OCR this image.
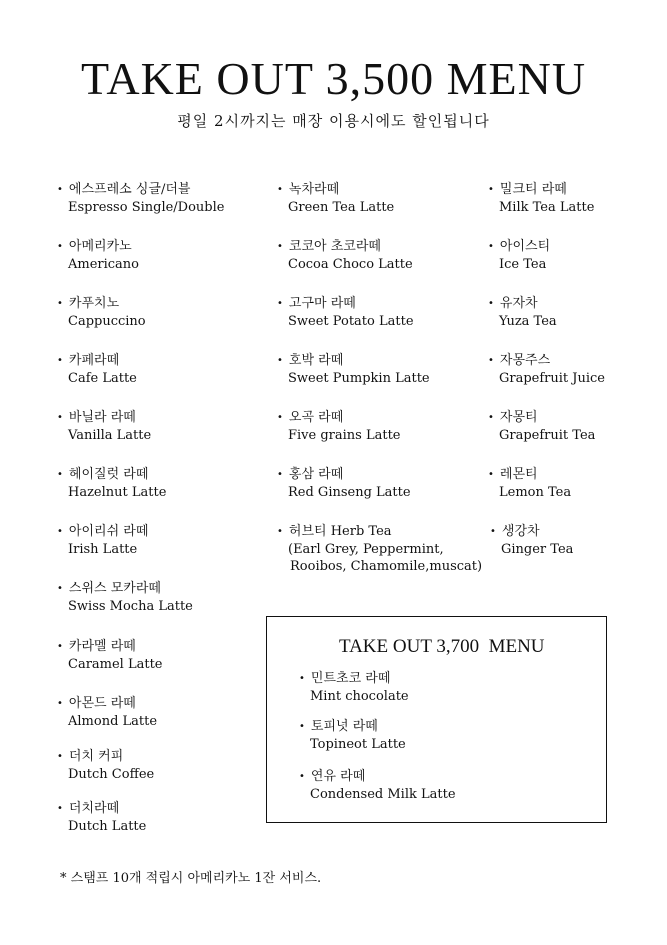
TAKE OUT 3,500 MENU
평일 2시까지는 매장 이용시에도 할인됩니다
• 에스프레소 싱글/더블
Espresso Single/Double
• 아메리카노
Americano
• 카푸치노
Cappuccino
• 카페라떼
Cafe Latte
• 바닐라 라떼
Vanilla Latte
• 헤이질럿 라떼
Hazelnut Latte
• 아이리쉬 라떼
Irish Latte
• 스위스 모카라떼
Swiss Mocha Latte
• 카라멜 라떼
Caramel Latte
• 아몬드 라떼
Almond Latte
• 더치 커피
Dutch Coffee
• 더치라떼
Dutch Latte
• 녹차라떼
Green Tea Latte
• 코코아 초코라떼
Cocoa Choco Latte
• 고구마 라떼
Sweet Potato Latte
• 호박 라떼
Sweet Pumpkin Latte
• 오곡 라떼
Five grains Latte
• 홍삼 라떼
Red Ginseng Latte
• 허브티 Herb Tea
(Earl Grey, Peppermint,
Rooibos, Chamomile,muscat)
• 밀크티 라떼
Milk Tea Latte
• 아이스티
Ice Tea
• 유자차
Yuza Tea
• 자몽주스
Grapefruit Juice
• 자몽티
Grapefruit Tea
• 레몬티
Lemon Tea
• 생강차
Ginger Tea
TAKE OUT 3,700  MENU
• 민트초코 라떼
Mint chocolate
• 토피넛 라떼
Topineot Latte
• 연유 라떼
Condensed Milk Latte
* 스탬프 10개 적립시 아메리카노 1잔 서비스.
